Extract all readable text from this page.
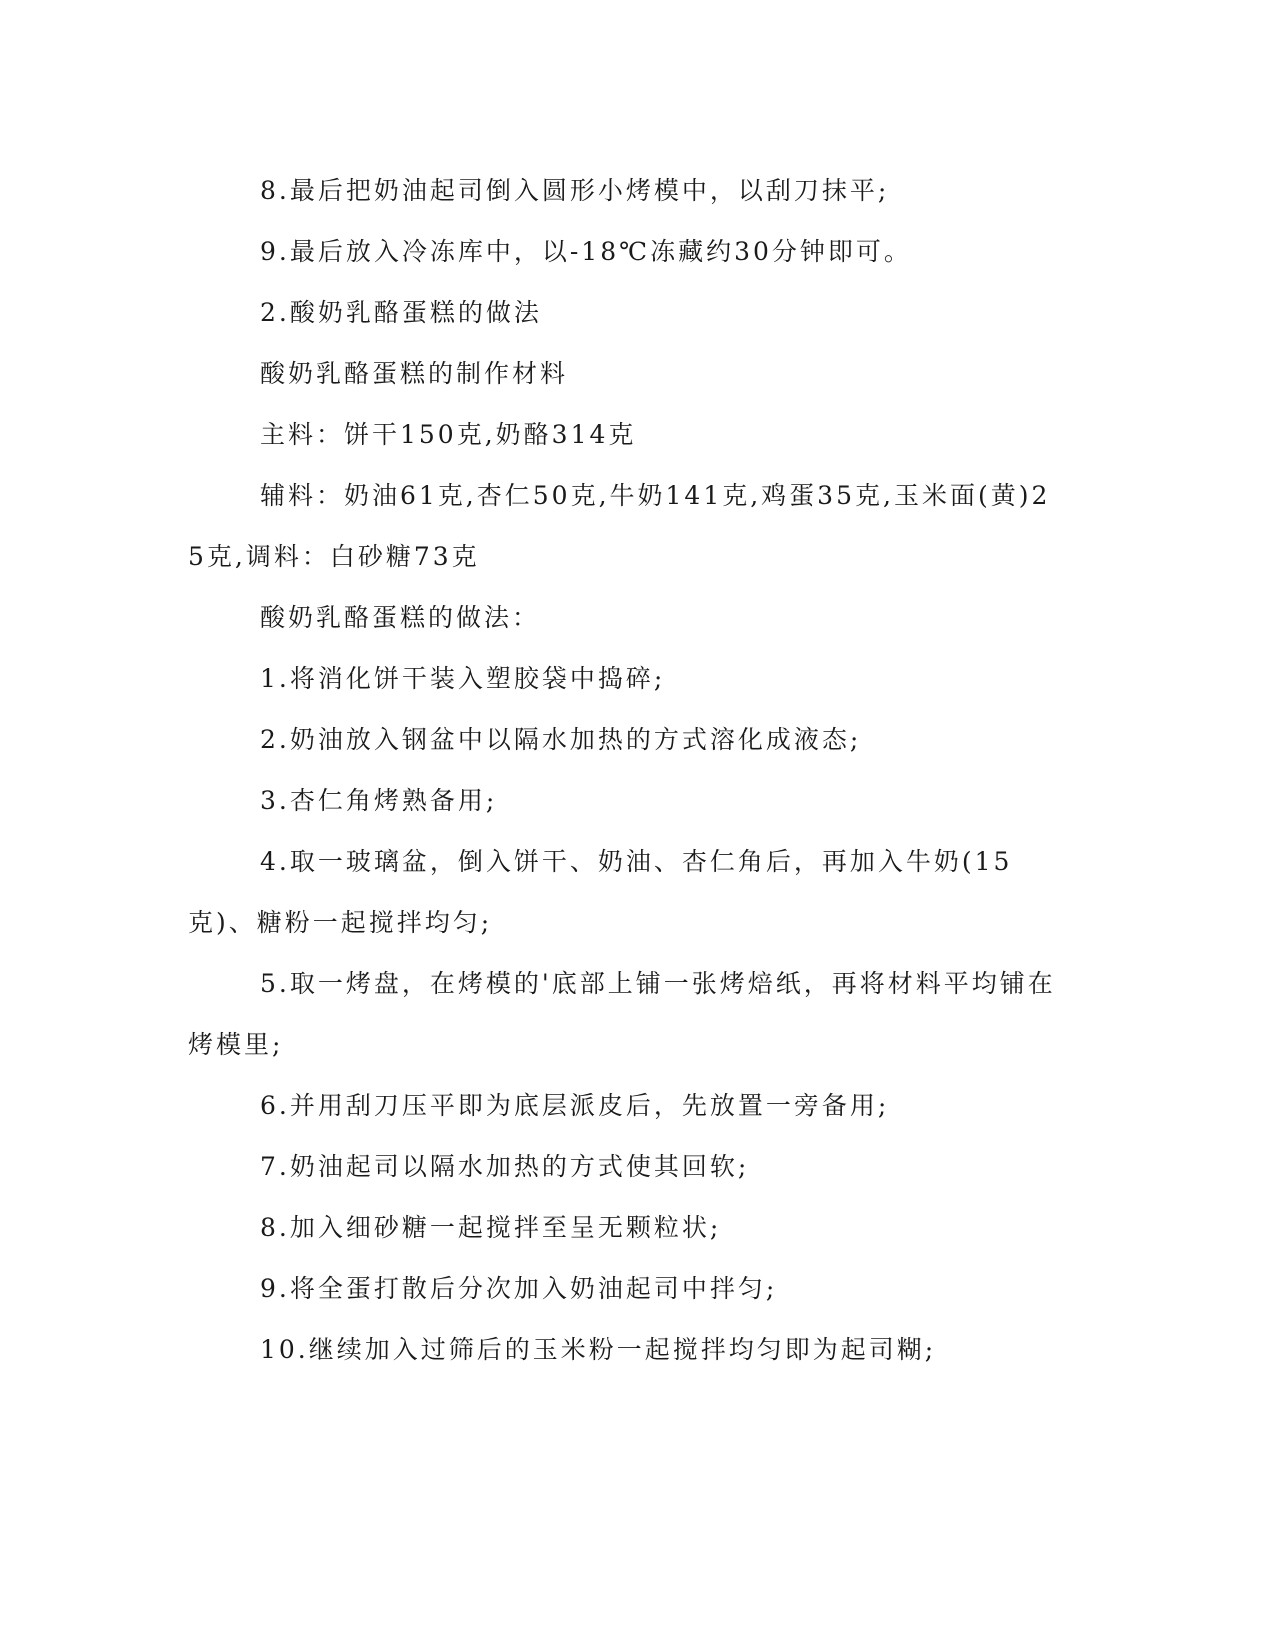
8.最后把奶油起司倒入圆形小烤模中，以刮刀抹平;

9.最后放入冷冻库中，以-18℃冻藏约30分钟即可。

2.酸奶乳酪蛋糕的做法

酸奶乳酪蛋糕的制作材料

主料：饼干150克,奶酪314克

辅料：奶油61克,杏仁50克,牛奶141克,鸡蛋35克,玉米面(黄)25克,调料：白砂糖73克

酸奶乳酪蛋糕的做法：

1.将消化饼干装入塑胶袋中捣碎;

2.奶油放入钢盆中以隔水加热的方式溶化成液态;

3.杏仁角烤熟备用;

4.取一玻璃盆，倒入饼干、奶油、杏仁角后，再加入牛奶(15克)、糖粉一起搅拌均匀;

5.取一烤盘，在烤模的'底部上铺一张烤焙纸，再将材料平均铺在烤模里;

6.并用刮刀压平即为底层派皮后，先放置一旁备用;

7.奶油起司以隔水加热的方式使其回软;

8.加入细砂糖一起搅拌至呈无颗粒状;

9.将全蛋打散后分次加入奶油起司中拌匀;

10.继续加入过筛后的玉米粉一起搅拌均匀即为起司糊;
